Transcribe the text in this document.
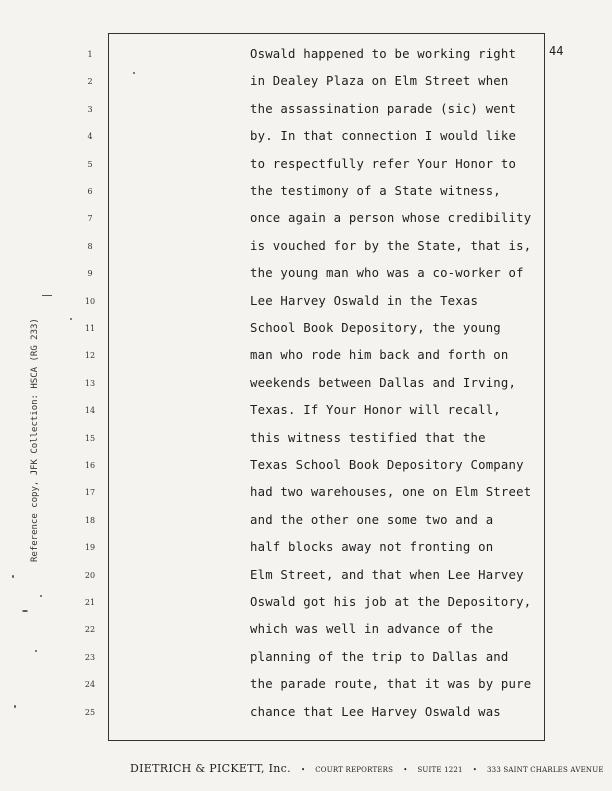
44
Reference copy, JFK Collection: HSCA (RG 233)
1	Oswald happened to be working right
2	in Dealey Plaza on Elm Street when
3	the assassination parade (sic) went
4	by. In that connection I would like
5	to respectfully refer Your Honor to
6	the testimony of a State witness,
7	once again a person whose credibility
8	is vouched for by the State, that is,
9	the young man who was a co-worker of
10	Lee Harvey Oswald in the Texas
11	School Book Depository, the young
12	man who rode him back and forth on
13	weekends between Dallas and Irving,
14	Texas. If Your Honor will recall,
15	this witness testified that the
16	Texas School Book Depository Company
17	had two warehouses, one on Elm Street
18	and the other one some two and a
19	half blocks away not fronting on
20	Elm Street, and that when Lee Harvey
21	Oswald got his job at the Depository,
22	which was well in advance of the
23	planning of the trip to Dallas and
24	the parade route, that it was by pure
25	chance that Lee Harvey Oswald was
DIETRICH & PICKETT, Inc. • COURT REPORTERS • SUITE 1221 • 333 SAINT CHARLES AVENUE
